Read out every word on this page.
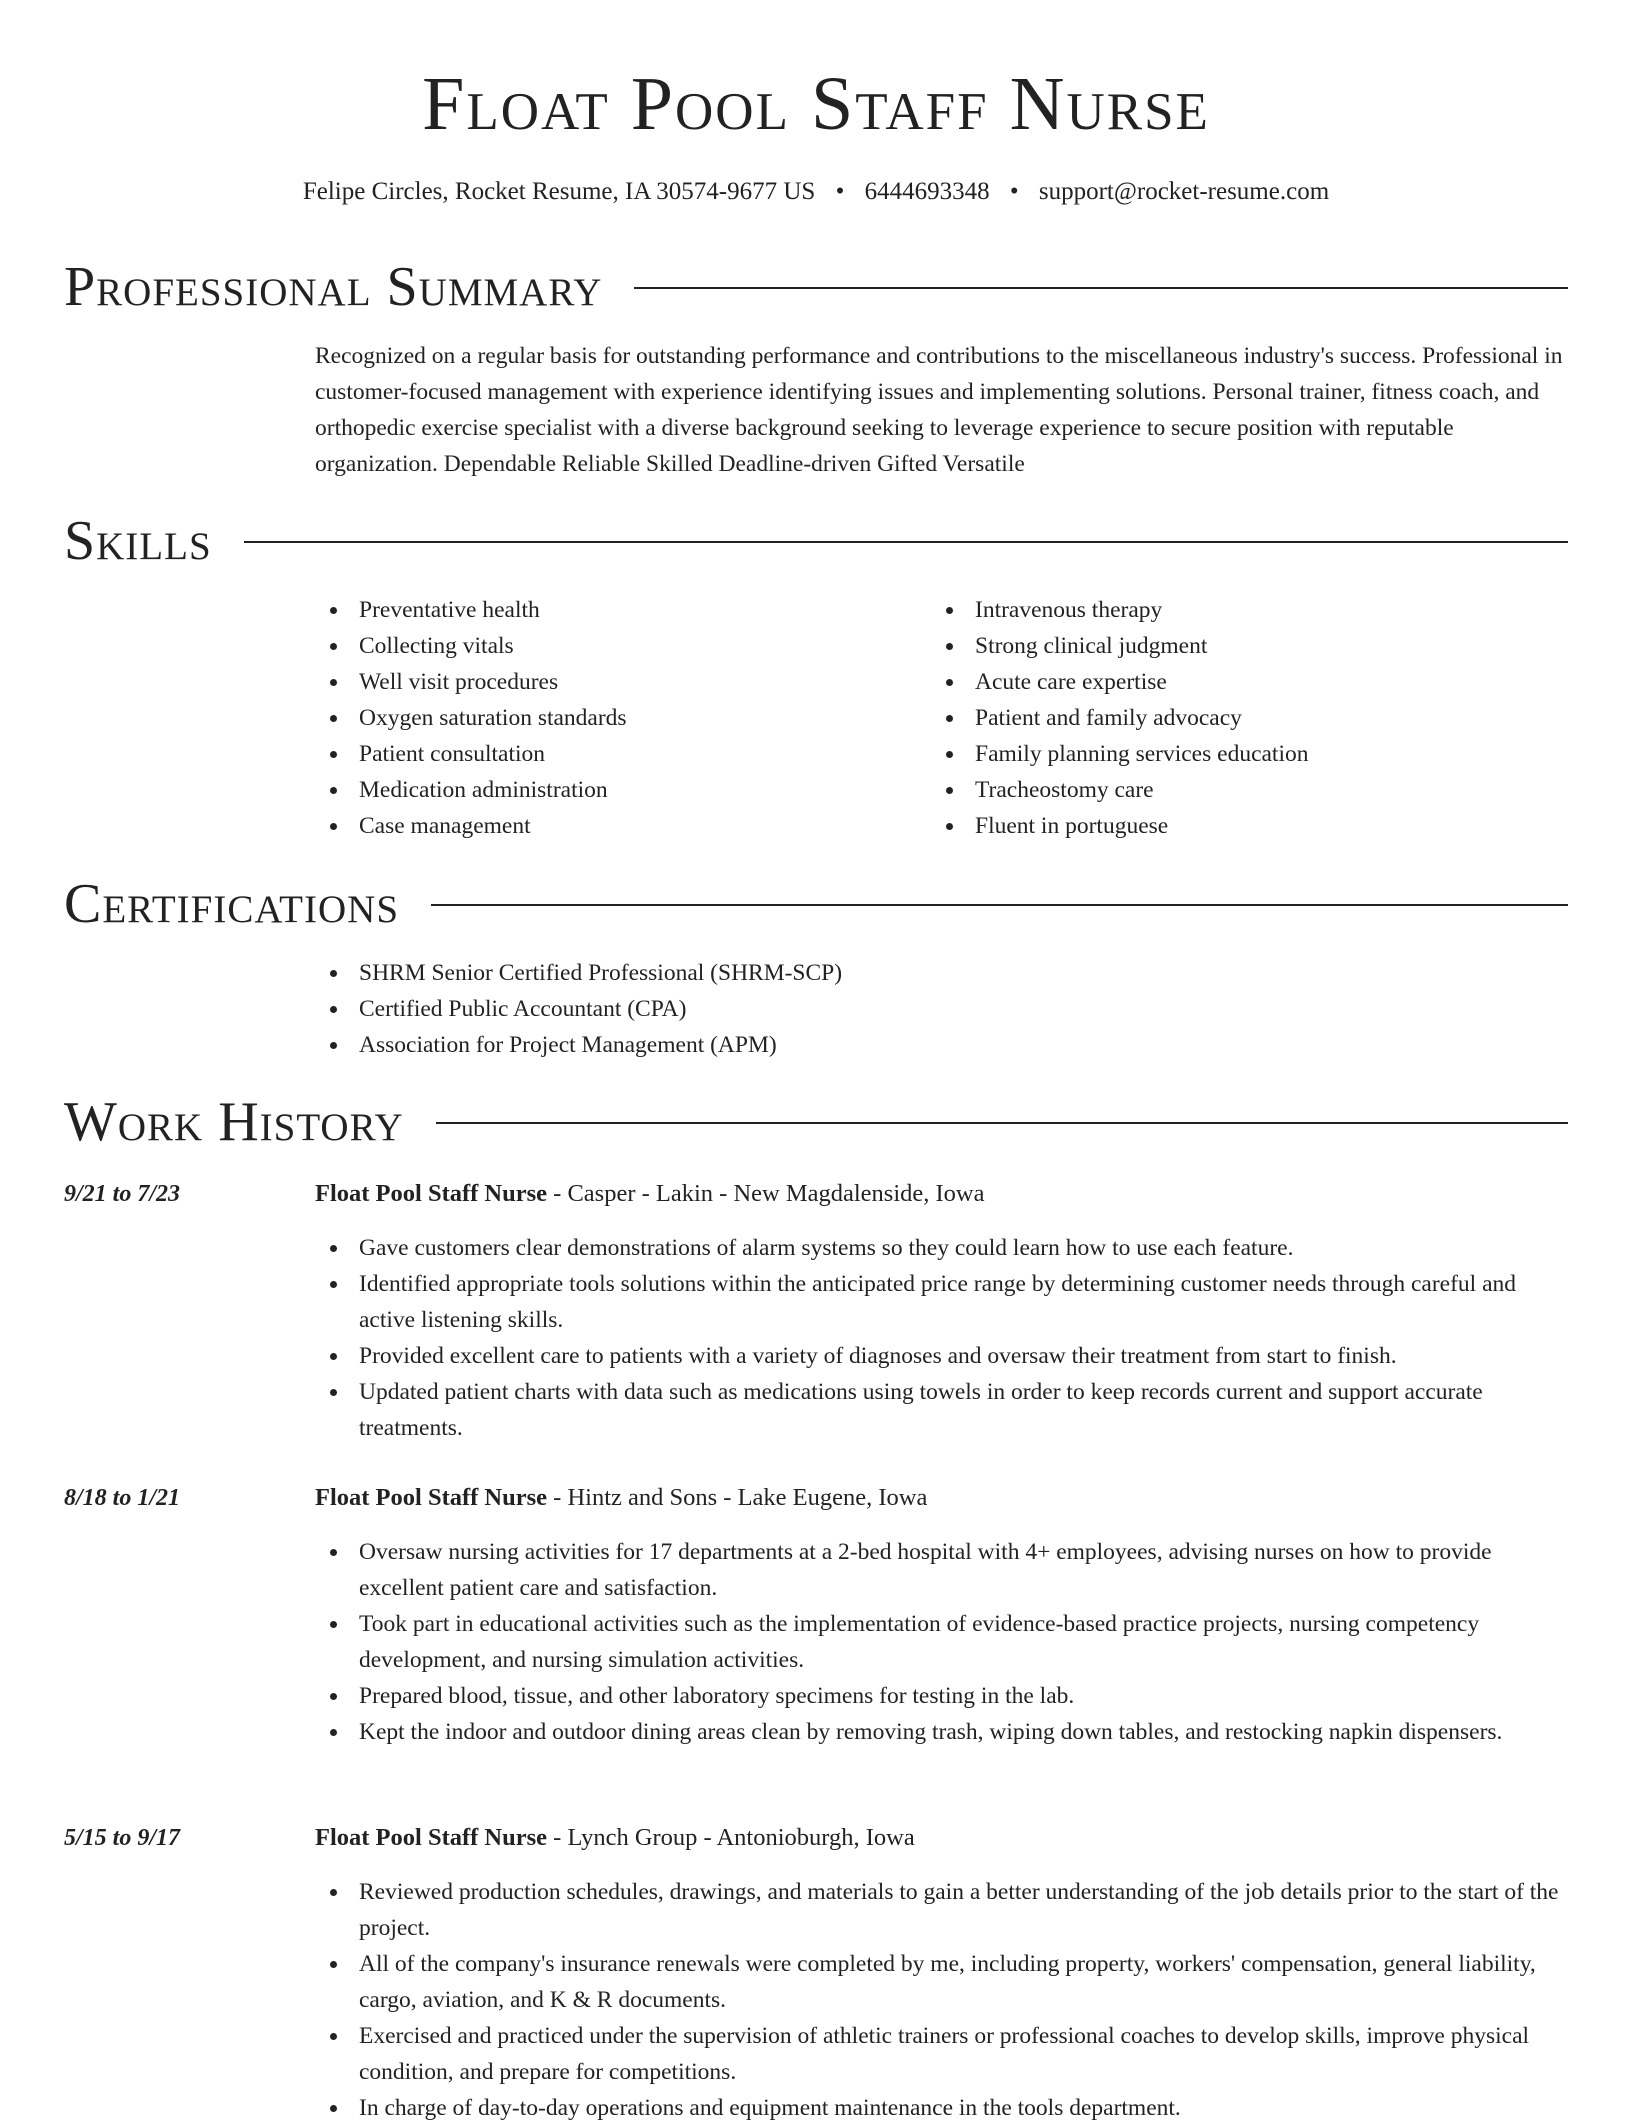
Float Pool Staff Nurse
Felipe Circles, Rocket Resume, IA 30574-9677 US • 6444693348 • support@rocket-resume.com
Professional Summary
Recognized on a regular basis for outstanding performance and contributions to the miscellaneous industry's success. Professional in customer-focused management with experience identifying issues and implementing solutions. Personal trainer, fitness coach, and orthopedic exercise specialist with a diverse background seeking to leverage experience to secure position with reputable organization. Dependable Reliable Skilled Deadline-driven Gifted Versatile
Skills
Preventative health
Collecting vitals
Well visit procedures
Oxygen saturation standards
Patient consultation
Medication administration
Case management
Intravenous therapy
Strong clinical judgment
Acute care expertise
Patient and family advocacy
Family planning services education
Tracheostomy care
Fluent in portuguese
Certifications
SHRM Senior Certified Professional (SHRM-SCP)
Certified Public Accountant (CPA)
Association for Project Management (APM)
Work History
9/21 to 7/23	Float Pool Staff Nurse - Casper - Lakin - New Magdalenside, Iowa
Gave customers clear demonstrations of alarm systems so they could learn how to use each feature.
Identified appropriate tools solutions within the anticipated price range by determining customer needs through careful and active listening skills.
Provided excellent care to patients with a variety of diagnoses and oversaw their treatment from start to finish.
Updated patient charts with data such as medications using towels in order to keep records current and support accurate treatments.
8/18 to 1/21	Float Pool Staff Nurse - Hintz and Sons - Lake Eugene, Iowa
Oversaw nursing activities for 17 departments at a 2-bed hospital with 4+ employees, advising nurses on how to provide excellent patient care and satisfaction.
Took part in educational activities such as the implementation of evidence-based practice projects, nursing competency development, and nursing simulation activities.
Prepared blood, tissue, and other laboratory specimens for testing in the lab.
Kept the indoor and outdoor dining areas clean by removing trash, wiping down tables, and restocking napkin dispensers.
5/15 to 9/17	Float Pool Staff Nurse - Lynch Group - Antonioburgh, Iowa
Reviewed production schedules, drawings, and materials to gain a better understanding of the job details prior to the start of the project.
All of the company's insurance renewals were completed by me, including property, workers' compensation, general liability, cargo, aviation, and K & R documents.
Exercised and practiced under the supervision of athletic trainers or professional coaches to develop skills, improve physical condition, and prepare for competitions.
In charge of day-to-day operations and equipment maintenance in the tools department.
